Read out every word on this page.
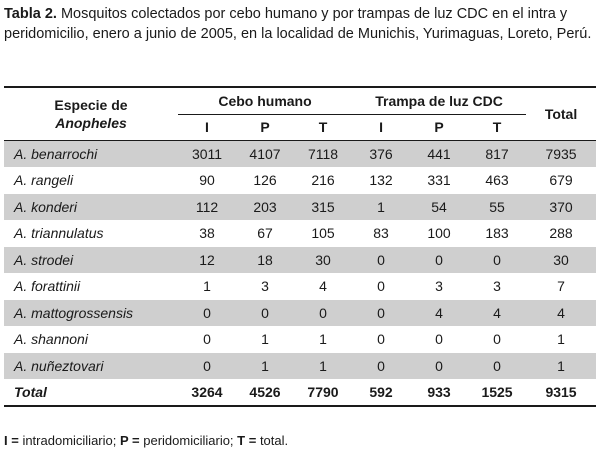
Tabla 2. Mosquitos colectados por cebo humano y por trampas de luz CDC en el intra y peridomicilio, enero a junio de 2005, en la localidad de Munichis, Yurimaguas, Loreto, Perú.
Especie de
Anopheles	Cebo humano			Trampa de luz CDC			Total
	I	P	T	I	P	T	
A. benarrochi	3011	4107	7118	376	441	817	7935
A. rangeli	90	126	216	132	331	463	679
A. konderi	112	203	315	1	54	55	370
A. triannulatus	38	67	105	83	100	183	288
A. strodei	12	18	30	0	0	0	30
A. forattinii	1	3	4	0	3	3	7
A. mattogrossensis	0	0	0	0	4	4	4
A. shannoni	0	1	1	0	0	0	1
A. nuñeztovari	0	1	1	0	0	0	1
Total	3264	4526	7790	592	933	1525	9315
I = intradomiciliario; P = peridomiciliario; T = total.
